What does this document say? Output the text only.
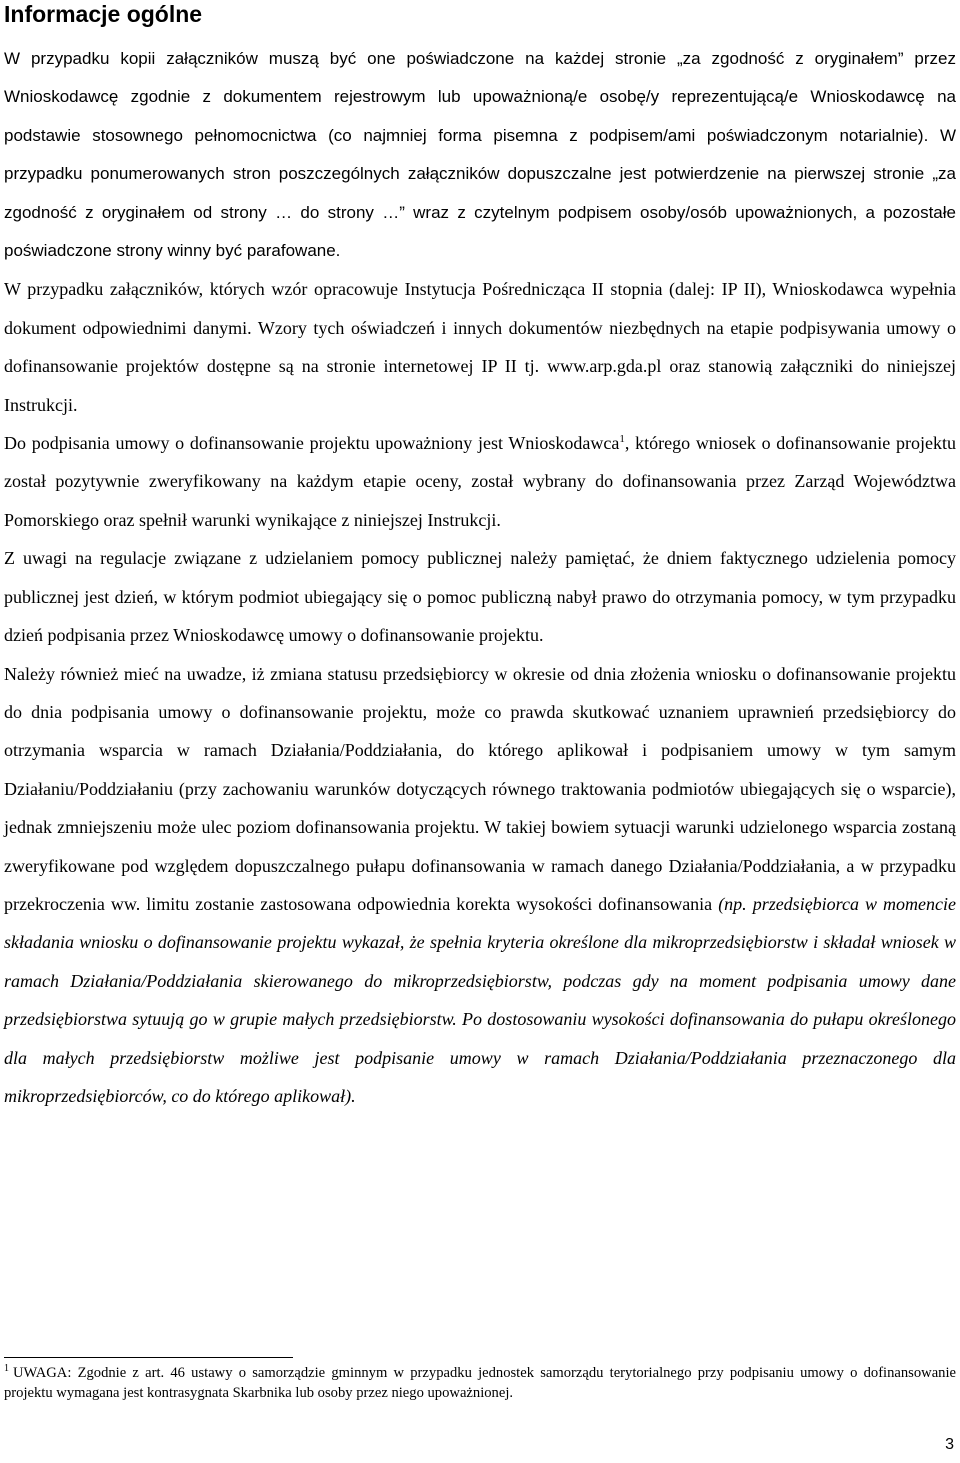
Informacje ogólne

W przypadku kopii załączników muszą być one poświadczone na każdej stronie „za zgodność z oryginałem” przez Wnioskodawcę zgodnie z dokumentem rejestrowym lub upoważnioną/e osobę/y reprezentującą/e Wnioskodawcę na podstawie stosownego pełnomocnictwa (co najmniej forma pisemna z podpisem/ami poświadczonym notarialnie). W przypadku ponumerowanych stron poszczególnych załączników dopuszczalne jest potwierdzenie na pierwszej stronie „za zgodność z oryginałem od strony … do strony …” wraz z czytelnym podpisem osoby/osób upoważnionych, a pozostałe poświadczone strony winny być parafowane.

W przypadku załączników, których wzór opracowuje Instytucja Pośrednicząca II stopnia (dalej: IP II), Wnioskodawca wypełnia dokument odpowiednimi danymi. Wzory tych oświadczeń i innych dokumentów niezbędnych na etapie podpisywania umowy o dofinansowanie projektów dostępne są na stronie internetowej IP II tj. www.arp.gda.pl oraz stanowią załączniki do niniejszej Instrukcji.

Do podpisania umowy o dofinansowanie projektu upoważniony jest Wnioskodawca$^1$, którego wniosek o dofinansowanie projektu został pozytywnie zweryfikowany na każdym etapie oceny, został wybrany do dofinansowania przez Zarząd Województwa Pomorskiego oraz spełnił warunki wynikające z niniejszej Instrukcji.

Z uwagi na regulacje związane z udzielaniem pomocy publicznej należy pamiętać, że dniem faktycznego udzielenia pomocy publicznej jest dzień, w którym podmiot ubiegający się o pomoc publiczną nabył prawo do otrzymania pomocy, w tym przypadku dzień podpisania przez Wnioskodawcę umowy o dofinansowanie projektu.

Należy również mieć na uwadze, iż zmiana statusu przedsiębiorcy w okresie od dnia złożenia wniosku o dofinansowanie projektu do dnia podpisania umowy o dofinansowanie projektu, może co prawda skutkować uznaniem uprawnień przedsiębiorcy do otrzymania wsparcia w ramach Działania/Poddziałania, do którego aplikował i podpisaniem umowy w tym samym Działaniu/Poddziałaniu (przy zachowaniu warunków dotyczących równego traktowania podmiotów ubiegających się o wsparcie), jednak zmniejszeniu może ulec poziom dofinansowania projektu. W takiej bowiem sytuacji warunki udzielonego wsparcia zostaną zweryfikowane pod względem dopuszczalnego pułapu dofinansowania w ramach danego Działania/Poddziałania, a w przypadku przekroczenia ww. limitu zostanie zastosowana odpowiednia korekta wysokości dofinansowania (np. przedsiębiorca w momencie składania wniosku o dofinansowanie projektu wykazał, że spełnia kryteria określone dla mikroprzedsiębiorstw i składał wniosek w ramach Działania/Poddziałania skierowanego do mikroprzedsiębiorstw, podczas gdy na moment podpisania umowy dane przedsiębiorstwa sytuują go w grupie małych przedsiębiorstw. Po dostosowaniu wysokości dofinansowania do pułapu określonego dla małych przedsiębiorstw możliwe jest podpisanie umowy w ramach Działania/Poddziałania przeznaczonego dla mikroprzedsiębiorców, co do którego aplikował).

$^1$ UWAGA: Zgodnie z art. 46 ustawy o samorządzie gminnym w przypadku jednostek samorządu terytorialnego przy podpisaniu umowy o dofinansowanie projektu wymagana jest kontrasygnata Skarbnika lub osoby przez niego upoważnionej.
3
